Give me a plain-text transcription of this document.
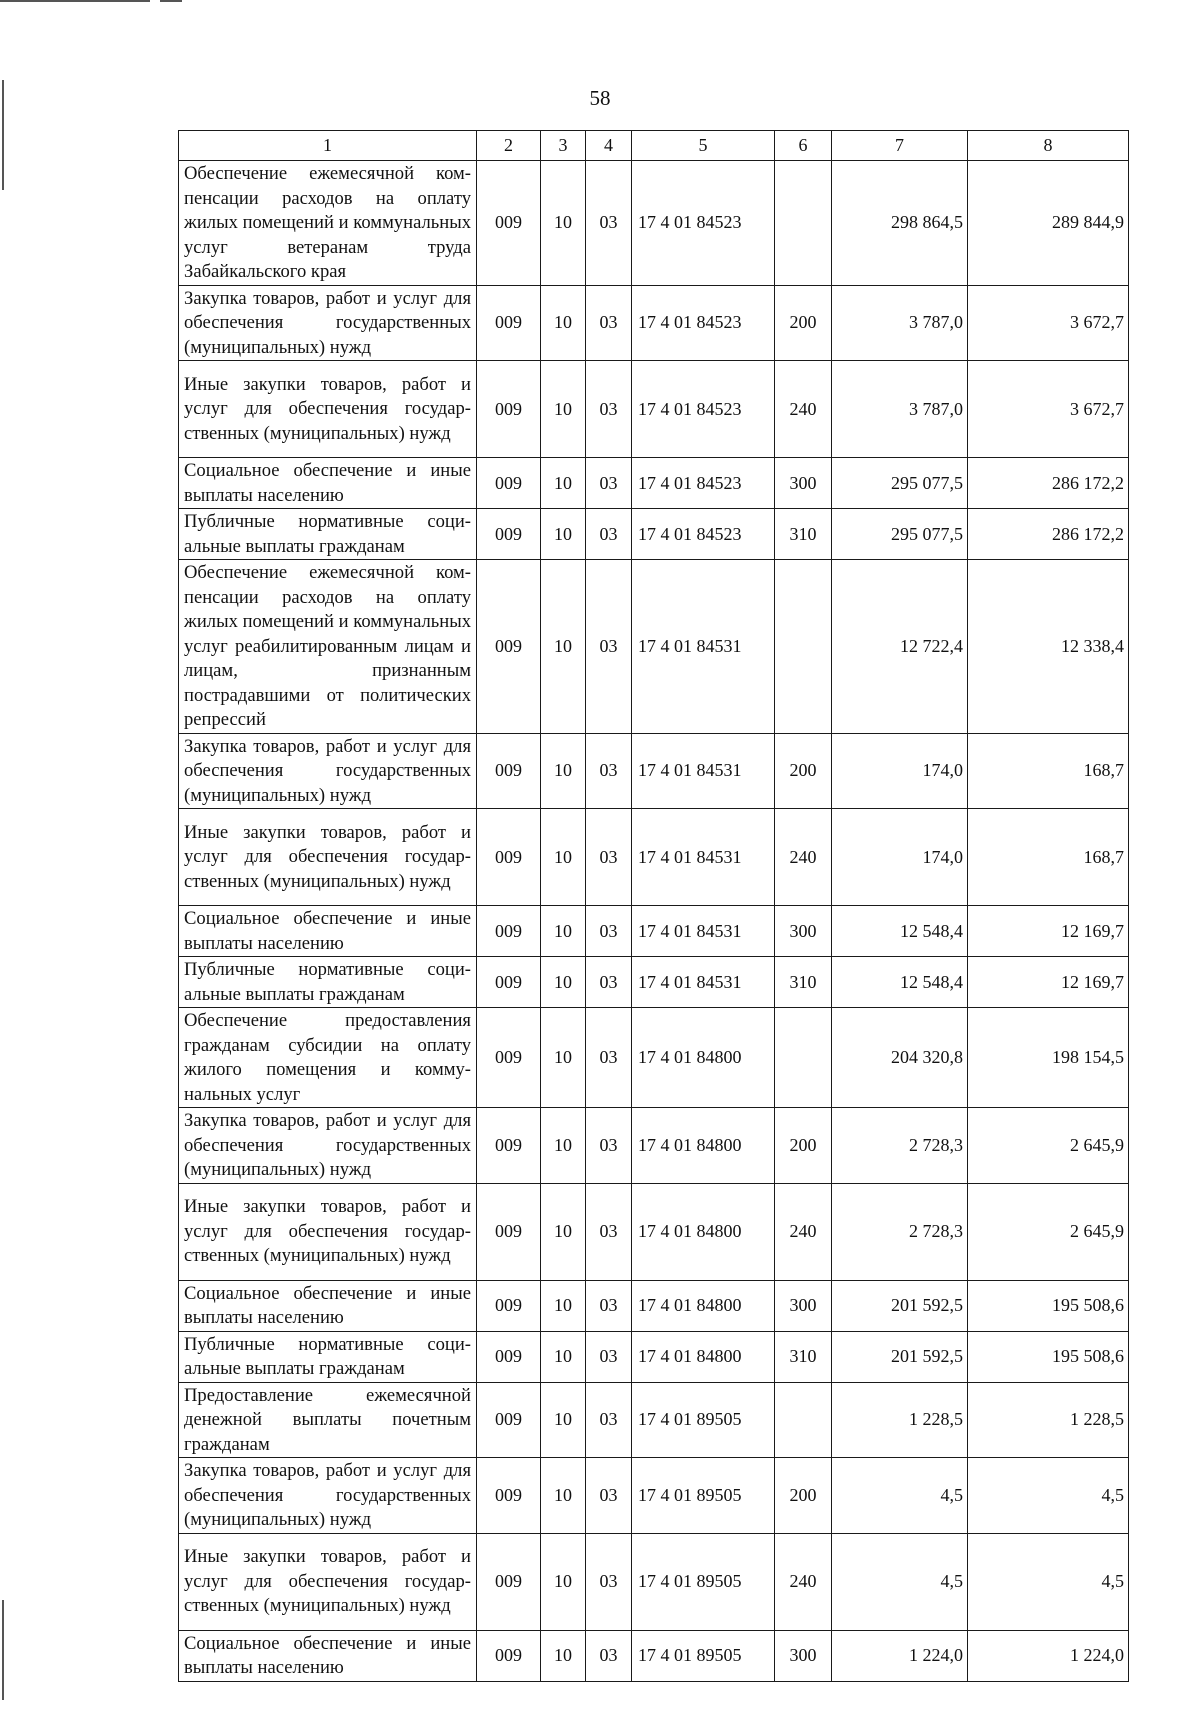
58
1	2	3	4	5	6	7	8
Обеспечение ежемесячной компенсации расходов на оплату жилых помещений и коммунальных услуг ветеранам труда Забайкальского края	009	10	03	17 4 01 84523		298 864,5	289 844,9
Закупка товаров, работ и услуг для обеспечения государственных (муниципальных) нужд	009	10	03	17 4 01 84523	200	3 787,0	3 672,7
Иные закупки товаров, работ и услуг для обеспечения государственных (муниципальных) нужд	009	10	03	17 4 01 84523	240	3 787,0	3 672,7
Социальное обеспечение и иные выплаты населению	009	10	03	17 4 01 84523	300	295 077,5	286 172,2
Публичные нормативные социальные выплаты гражданам	009	10	03	17 4 01 84523	310	295 077,5	286 172,2
Обеспечение ежемесячной компенсации расходов на оплату жилых помещений и коммунальных услуг реабилитированным лицам и лицам, признанным пострадавшими от политических репрессий	009	10	03	17 4 01 84531		12 722,4	12 338,4
Закупка товаров, работ и услуг для обеспечения государственных (муниципальных) нужд	009	10	03	17 4 01 84531	200	174,0	168,7
Иные закупки товаров, работ и услуг для обеспечения государственных (муниципальных) нужд	009	10	03	17 4 01 84531	240	174,0	168,7
Социальное обеспечение и иные выплаты населению	009	10	03	17 4 01 84531	300	12 548,4	12 169,7
Публичные нормативные социальные выплаты гражданам	009	10	03	17 4 01 84531	310	12 548,4	12 169,7
Обеспечение предоставления гражданам субсидии на оплату жилого помещения и коммунальных услуг	009	10	03	17 4 01 84800		204 320,8	198 154,5
Закупка товаров, работ и услуг для обеспечения государственных (муниципальных) нужд	009	10	03	17 4 01 84800	200	2 728,3	2 645,9
Иные закупки товаров, работ и услуг для обеспечения государственных (муниципальных) нужд	009	10	03	17 4 01 84800	240	2 728,3	2 645,9
Социальное обеспечение и иные выплаты населению	009	10	03	17 4 01 84800	300	201 592,5	195 508,6
Публичные нормативные социальные выплаты гражданам	009	10	03	17 4 01 84800	310	201 592,5	195 508,6
Предоставление ежемесячной денежной выплаты почетным гражданам	009	10	03	17 4 01 89505		1 228,5	1 228,5
Закупка товаров, работ и услуг для обеспечения государственных (муниципальных) нужд	009	10	03	17 4 01 89505	200	4,5	4,5
Иные закупки товаров, работ и услуг для обеспечения государственных (муниципальных) нужд	009	10	03	17 4 01 89505	240	4,5	4,5
Социальное обеспечение и иные выплаты населению	009	10	03	17 4 01 89505	300	1 224,0	1 224,0
